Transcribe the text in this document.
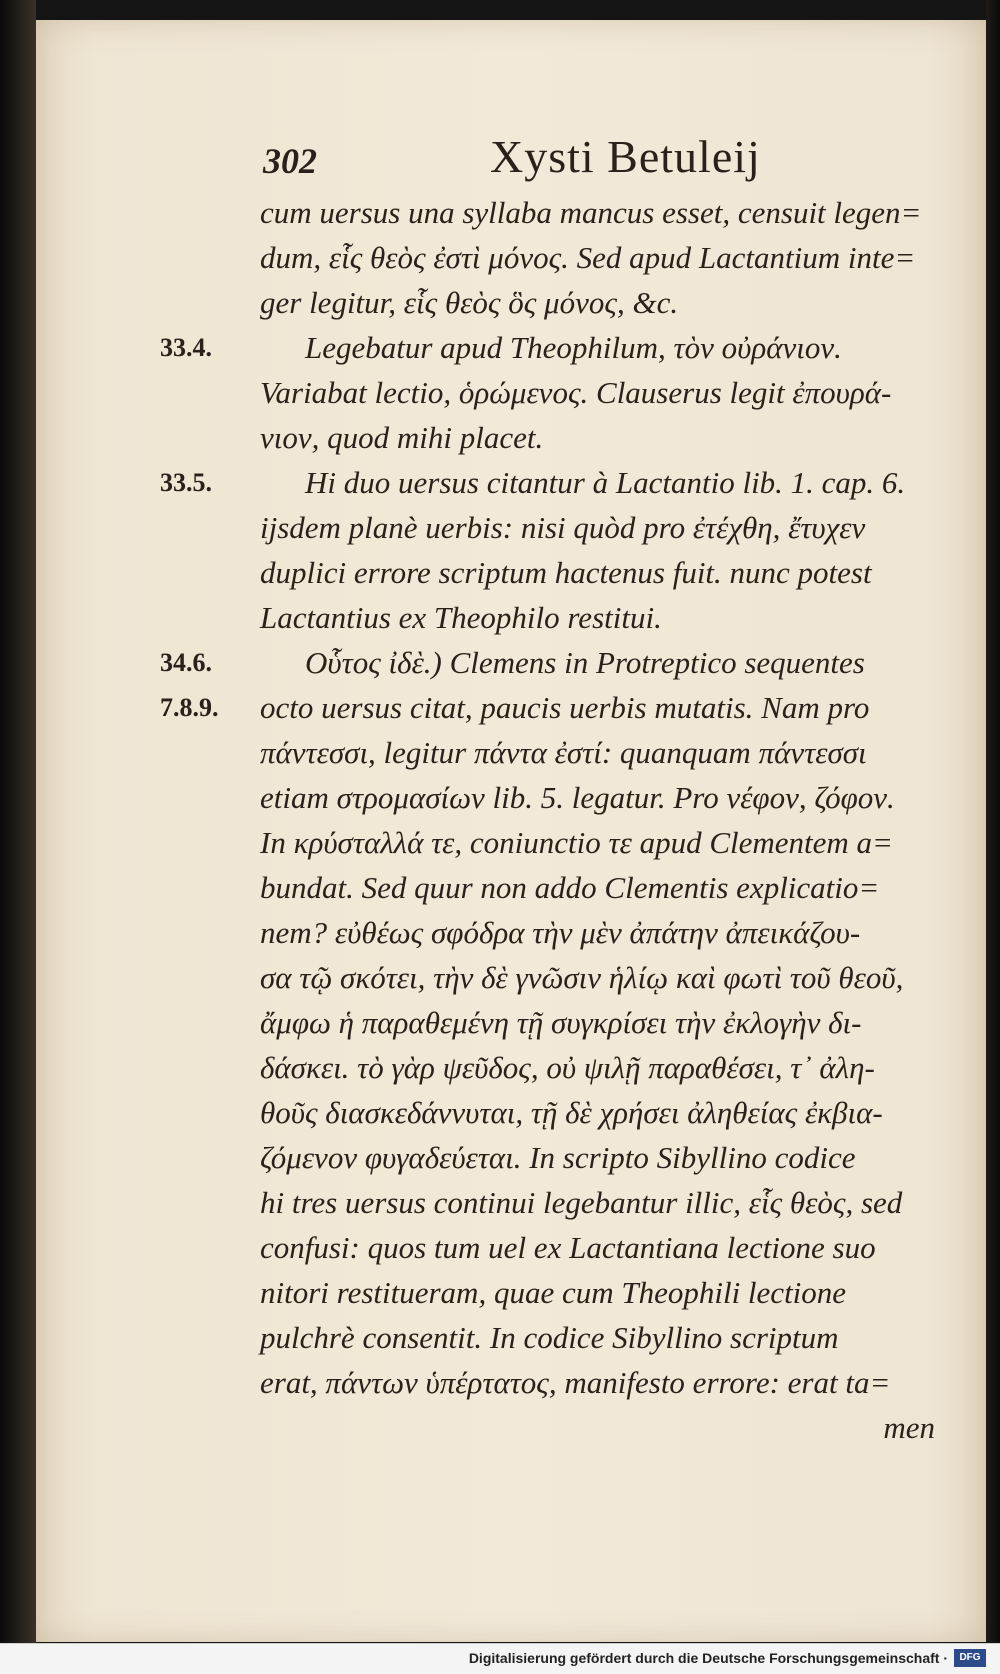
302	Xysti Betuleij
cum uersus una syllaba mancus esset, censuit legen=
dum, εἷς θεὸς ἐστὶ μόνος. Sed apud Lactantium inte=
ger legitur, εἷς θεὸς ὃς μόνος, &c.
33.4.	Legebatur apud Theophilum, τὸν οὐράνιον.
Variabat lectio, ὁρώμενος. Clauserus legit ἐπουρά-
νιον, quod mihi placet.
33.5.	Hi duo uersus citantur à Lactantio lib. 1. cap. 6.
ijsdem planè uerbis: nisi quòd pro ἐτέχθη, ἔτυχεν
duplici errore scriptum hactenus fuit. nunc potest
Lactantius ex Theophilo restitui.
34.6.	Οὗτος ἰδὲ.) Clemens in Protreptico sequentes
7.8.9.	octo uersus citat, paucis uerbis mutatis. Nam pro
πάντεσσι, legitur πάντα ἐστί: quanquam πάντεσσι
etiam στρομασίων lib. 5. legatur. Pro νέφον, ζόφον.
In κρύσταλλά τε, coniunctio τε apud Clementem a=
bundat. Sed quur non addo Clementis explicatio=
nem? εὐθέως σφόδρα τὴν μὲν ἀπάτην ἀπεικάζου-
σα τῷ σκότει, τὴν δὲ γνῶσιν ἡλίῳ καὶ φωτὶ τοῦ θεοῦ,
ἄμφω ἡ παραθεμένη τῇ συγκρίσει τὴν ἐκλογὴν δι-
δάσκει. τὸ γὰρ ψεῦδος, οὐ ψιλῇ παραθέσει, τ᾽ ἀλη-
θοῦς διασκεδάννυται, τῇ δὲ χρήσει ἀληθείας ἐκβια-
ζόμενον φυγαδεύεται. In scripto Sibyllino codice
hi tres uersus continui legebantur illic, εἷς θεὸς, sed
confusi: quos tum uel ex Lactantiana lectione suo
nitori restitueram, quae cum Theophili lectione
pulchrè consentit. In codice Sibyllino scriptum
erat, πάντων ὑπέρτατος, manifesto errore: erat ta=
men
Digitalisierung gefördert durch die Deutsche Forschungsgemeinschaft ·	DFG
